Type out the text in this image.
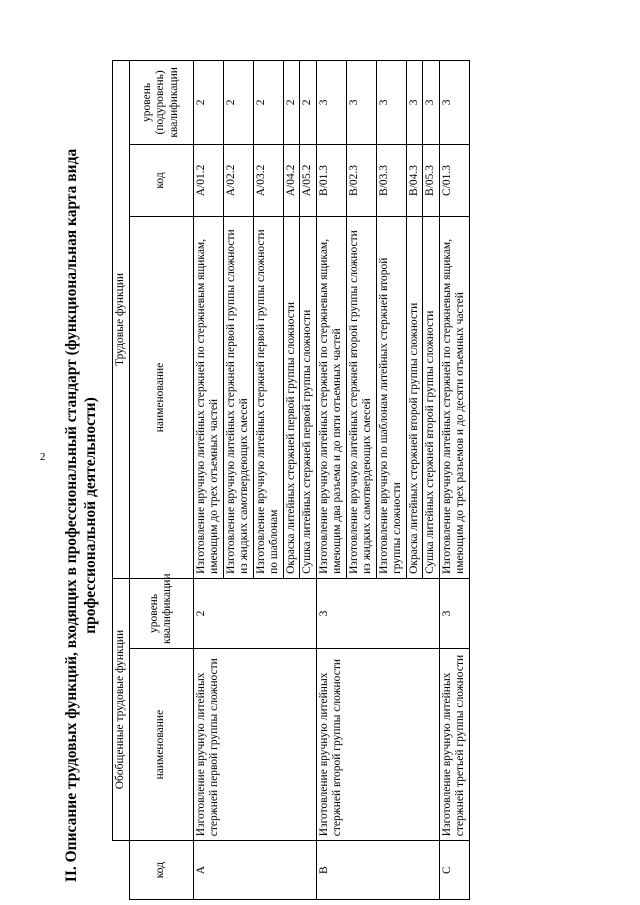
2 II. Описание трудовых функций, входящих в профессиональный стандарт (функциональная карта вида профессиональной деятельности)
	Обобщенные трудовые функции		Трудовые функции		
код	наименование	уровень квалификации	наименование	код	уровень (подуровень) квалификации
A	Изготовление вручную литейных стержней первой группы сложности	2	Изготовление вручную литейных стержней по стержневым ящикам, имеющим до трех отъемных частей	A/01.2	2
			Изготовление вручную литейных стержней первой группы сложности из жидких самотвердеющих смесей	A/02.2	2
			Изготовление вручную литейных стержней первой группы сложности по шаблонам	A/03.2	2
			Окраска литейных стержней первой группы сложности	A/04.2	2
			Сушка литейных стержней первой группы сложности	A/05.2	2
B	Изготовление вручную литейных стержней второй группы сложности	3	Изготовление вручную литейных стержней по стержневым ящикам, имеющим два разъема и до пяти отъемных частей	B/01.3	3
			Изготовление вручную литейных стержней второй группы сложности из жидких самотвердеющих смесей	B/02.3	3
			Изготовление вручную по шаблонам литейных стержней второй группы сложности	B/03.3	3
			Окраска литейных стержней второй группы сложности	B/04.3	3
			Сушка литейных стержней второй группы сложности	B/05.3	3
C	Изготовление вручную литейных стержней третьей группы сложности	3	Изготовление вручную литейных стержней по стержневым ящикам, имеющим до трех разъемов и до десяти отъемных частей	C/01.3	3
